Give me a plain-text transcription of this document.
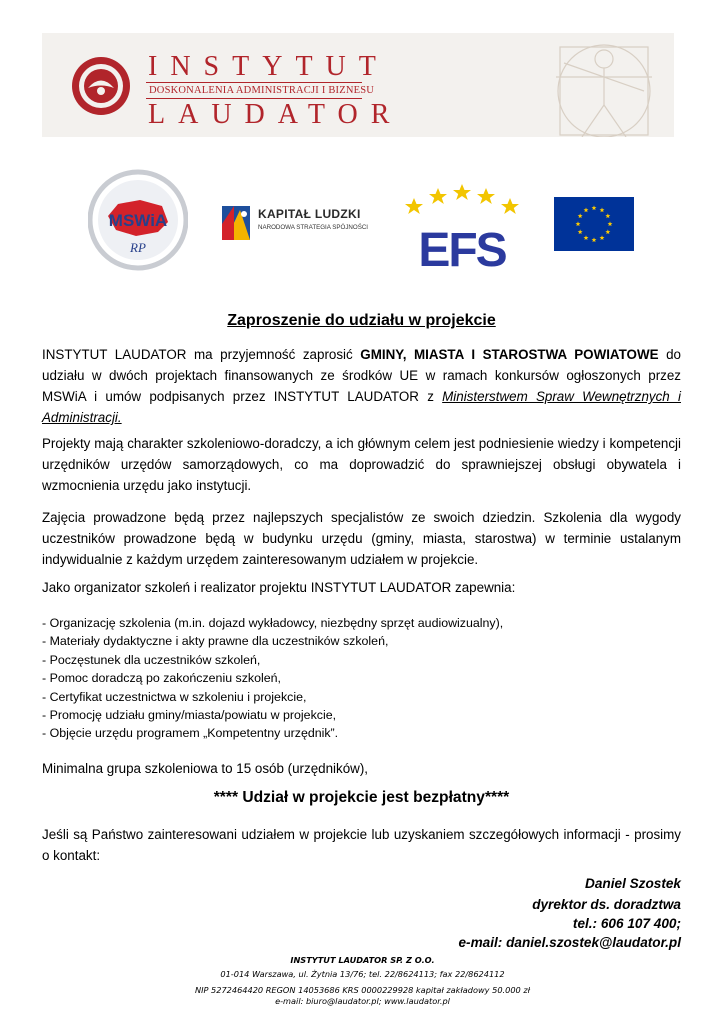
INSTYTUT
DOSKONALENIA ADMINISTRACJI I BIZNESU
LAUDATOR
MSWiA
RP
KAPITAŁ LUDZKI
NARODOWA STRATEGIA SPÓJNOŚCI EFS
Zaproszenie do udziału w projekcie
INSTYTUT LAUDATOR ma przyjemność zaprosić GMINY, MIASTA I STAROSTWA POWIATOWE do udziału w dwóch projektach finansowanych ze środków UE w ramach konkursów ogłoszonych przez MSWiA i umów podpisanych przez INSTYTUT LAUDATOR z Ministerstwem Spraw Wewnętrznych i Administracji.
Projekty mają charakter szkoleniowo-doradczy, a ich głównym celem jest podniesienie wiedzy i kompetencji urzędników urzędów samorządowych, co ma doprowadzić do sprawniejszej obsługi obywatela i wzmocnienia urzędu jako instytucji.
Zajęcia prowadzone będą przez najlepszych specjalistów ze swoich dziedzin. Szkolenia dla wygody uczestników prowadzone będą w budynku urzędu (gminy, miasta, starostwa) w terminie ustalanym indywidualnie z każdym urzędem zainteresowanym udziałem w projekcie.
Jako organizator szkoleń i realizator projektu INSTYTUT LAUDATOR zapewnia:
- Organizację szkolenia (m.in. dojazd wykładowcy, niezbędny sprzęt audiowizualny),
- Materiały dydaktyczne i akty prawne dla uczestników szkoleń,
- Poczęstunek dla uczestników szkoleń,
- Pomoc doradczą po zakończeniu szkoleń,
- Certyfikat uczestnictwa w szkoleniu i projekcie,
- Promocję udziału gminy/miasta/powiatu w projekcie,
- Objęcie urzędu programem „Kompetentny urzędnik”.
Minimalna grupa szkoleniowa to 15 osób (urzędników),
**** Udział w projekcie jest bezpłatny****
Jeśli są Państwo zainteresowani udziałem w projekcie lub uzyskaniem szczegółowych informacji - prosimy o kontakt:
Daniel Szostek
dyrektor ds. doradztwa
tel.: 606 107 400;
e-mail: daniel.szostek@laudator.pl
INSTYTUT LAUDATOR SP. Z O.O.
01-014 Warszawa, ul. Żytnia 13/76; tel. 22/8624113; fax 22/8624112
NIP 5272464420 REGON 14053686 KRS 0000229928 kapitał zakładowy 50.000 zł
e-mail: biuro@laudator.pl; www.laudator.pl
